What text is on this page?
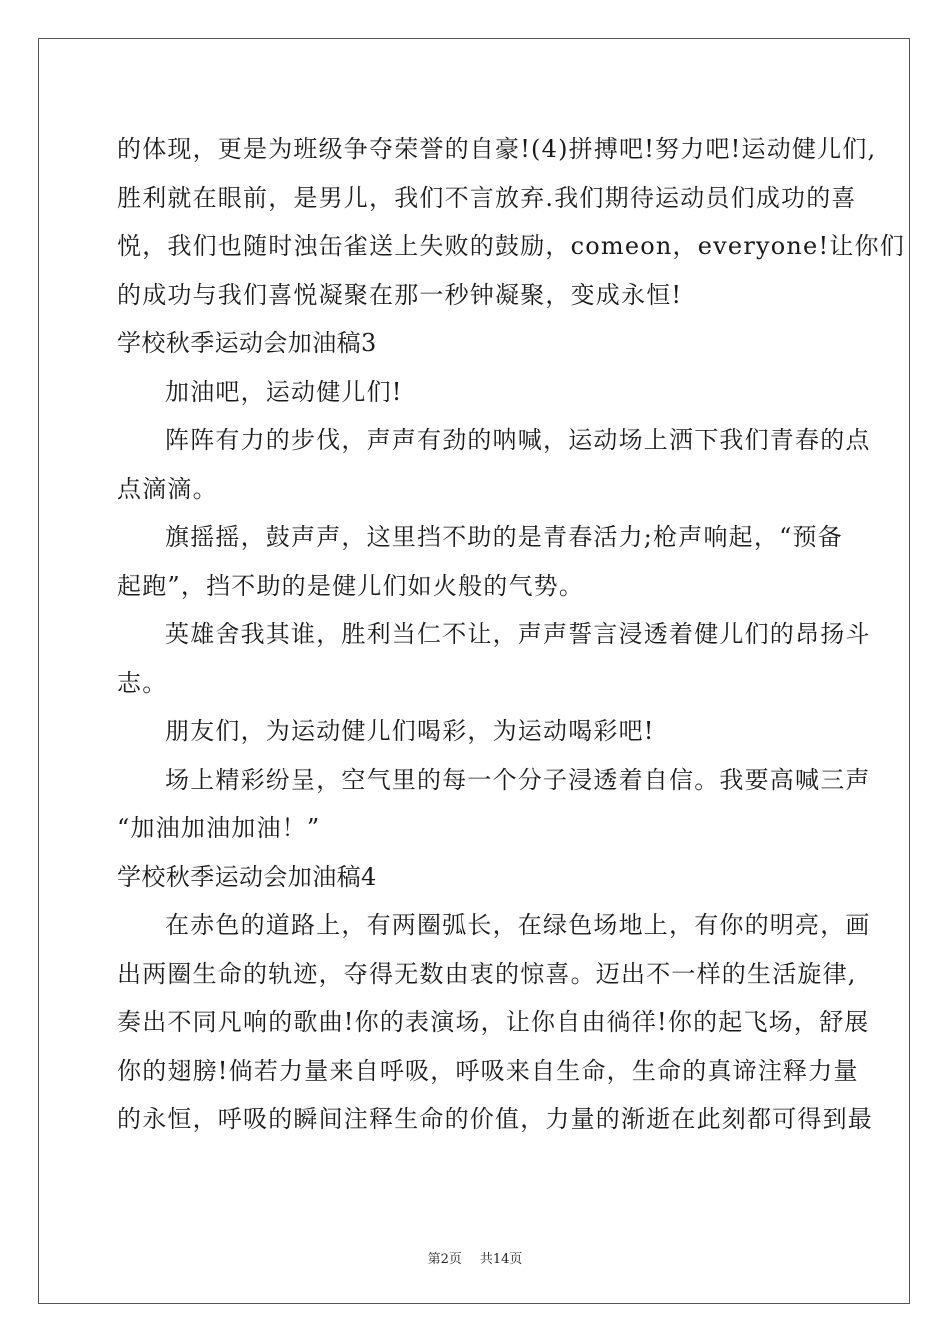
的体现，更是为班级争夺荣誉的自豪!(4)拼搏吧!努力吧!运动健儿们,
胜利就在眼前，是男儿，我们不言放弃.我们期待运动员们成功的喜
悦，我们也随时浊缶雀送上失败的鼓励，comeon，everyone!让你们
的成功与我们喜悦凝聚在那一秒钟凝聚，变成永恒!
学校秋季运动会加油稿3
加油吧，运动健儿们!
阵阵有力的步伐，声声有劲的呐喊，运动场上洒下我们青春的点
点滴滴。
旗摇摇，鼓声声，这里挡不助的是青春活力;枪声响起，“预备
起跑”，挡不助的是健儿们如火般的气势。
英雄舍我其谁，胜利当仁不让，声声誓言浸透着健儿们的昂扬斗
志。
朋友们，为运动健儿们喝彩，为运动喝彩吧!
场上精彩纷呈，空气里的每一个分子浸透着自信。我要高喊三声
“加油加油加油！”
学校秋季运动会加油稿4
在赤色的道路上，有两圈弧长，在绿色场地上，有你的明亮，画
出两圈生命的轨迹，夺得无数由衷的惊喜。迈出不一样的生活旋律,
奏出不同凡响的歌曲!你的表演场，让你自由徜徉!你的起飞场，舒展
你的翅膀!倘若力量来自呼吸，呼吸来自生命，生命的真谛注释力量
的永恒，呼吸的瞬间注释生命的价值，力量的渐逝在此刻都可得到最
第2页 共14页
